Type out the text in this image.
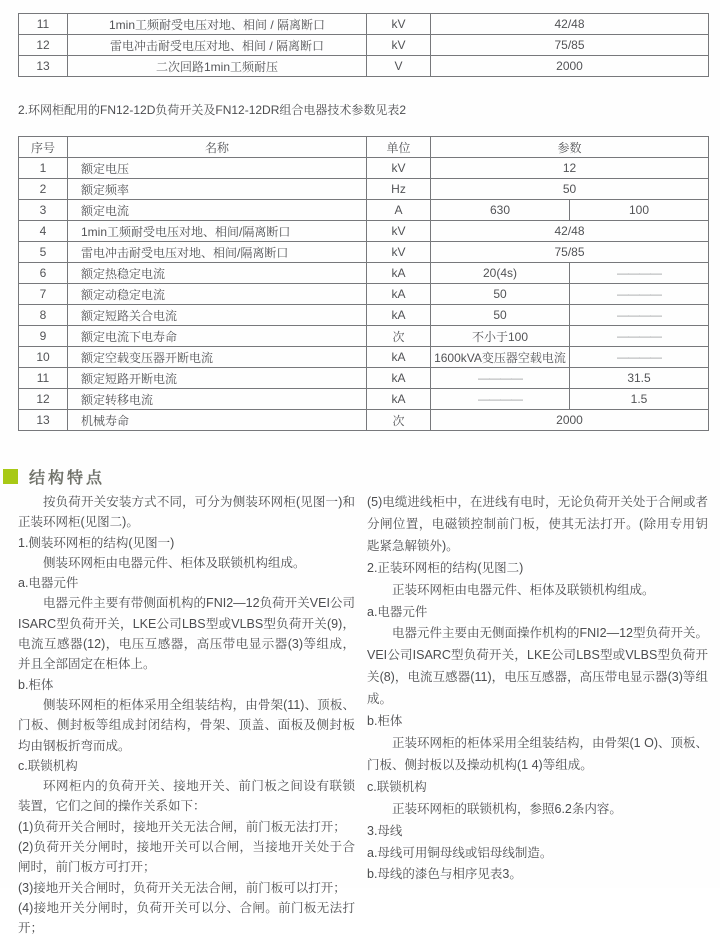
11	1min工频耐受电压对地、相间 / 隔离断口	kV	42/48
12	雷电冲击耐受电压对地、相间 / 隔离断口	kV	75/85
13	二次回路1min工频耐压	V	2000
2.环网柜配用的FN12-12D负荷开关及FN12-12DR组合电器技术参数见表2
序号	名称	单位	参数	
1	额定电压	kV	12	
2	额定频率	Hz	50	
3	额定电流	A	630	100
4	1min工频耐受电压对地、相间/隔离断口	kV	42/48	
5	雷电冲击耐受电压对地、相间/隔离断口	kV	75/85	
6	额定热稳定电流	kA	20(4s)	————
7	额定动稳定电流	kA	50	————
8	额定短路关合电流	kA	50	————
9	额定电流下电寿命	次	不小于100	————
10	额定空载变压器开断电流	kA	1600kVA变压器空载电流	————
11	额定短路开断电流	kA	————	31.5
12	额定转移电流	kA	————	1.5
13	机械寿命	次	2000	
结构特点

按负荷开关安装方式不同，可分为侧装环网柜(见图一)和正装环网柜(见图二)。

1.侧装环网柜的结构(见图一)

侧装环网柜由电器元件、柜体及联锁机构组成。

a.电器元件

电器元件主要有带侧面机构的FNI2—12负荷开关VEI公司ISARC型负荷开关，LKE公司LBS型或VLBS型负荷开关(9)，电流互感器(12)，电压互感器，高压带电显示器(3)等组成，并且全部固定在柜体上。

b.柜体

侧装环网柜的柜体采用全组装结构，由骨架(11)、顶板、门板、侧封板等组成封闭结构，骨架、顶盖、面板及侧封板均由钢板折弯而成。

c.联锁机构

环网柜内的负荷开关、接地开关、前门板之间设有联锁装置，它们之间的操作关系如下：

(1)负荷开关合闸时，接地开关无法合闸，前门板无法打开；

(2)负荷开关分闸时，接地开关可以合闸，当接地开关处于合闸时，前门板方可打开；

(3)接地开关合闸时，负荷开关无法合闸，前门板可以打开；

(4)接地开关分闸时，负荷开关可以分、合闸。前门板无法打开；

(5)电缆进线柜中，在进线有电时，无论负荷开关处于合闸或者分闸位置，电磁锁控制前门板，使其无法打开。(除用专用钥匙紧急解锁外)。

2.正装环网柜的结构(见图二)

正装环网柜由电器元件、柜体及联锁机构组成。

a.电器元件

电器元件主要由无侧面操作机构的FNI2—12型负荷开关。VEI公司ISARC型负荷开关，LKE公司LBS型或VLBS型负荷开关(8)，电流互感器(11)，电压互感器，高压带电显示器(3)等组成。

b.柜体

正装环网柜的柜体采用全组装结构，由骨架(1 O)、顶板、门板、侧封板以及操动机构(1 4)等组成。

c.联锁机构

正装环网柜的联锁机构，参照6.2条内容。

3.母线

a.母线可用铜母线或铝母线制造。

b.母线的漆色与相序见表3。
